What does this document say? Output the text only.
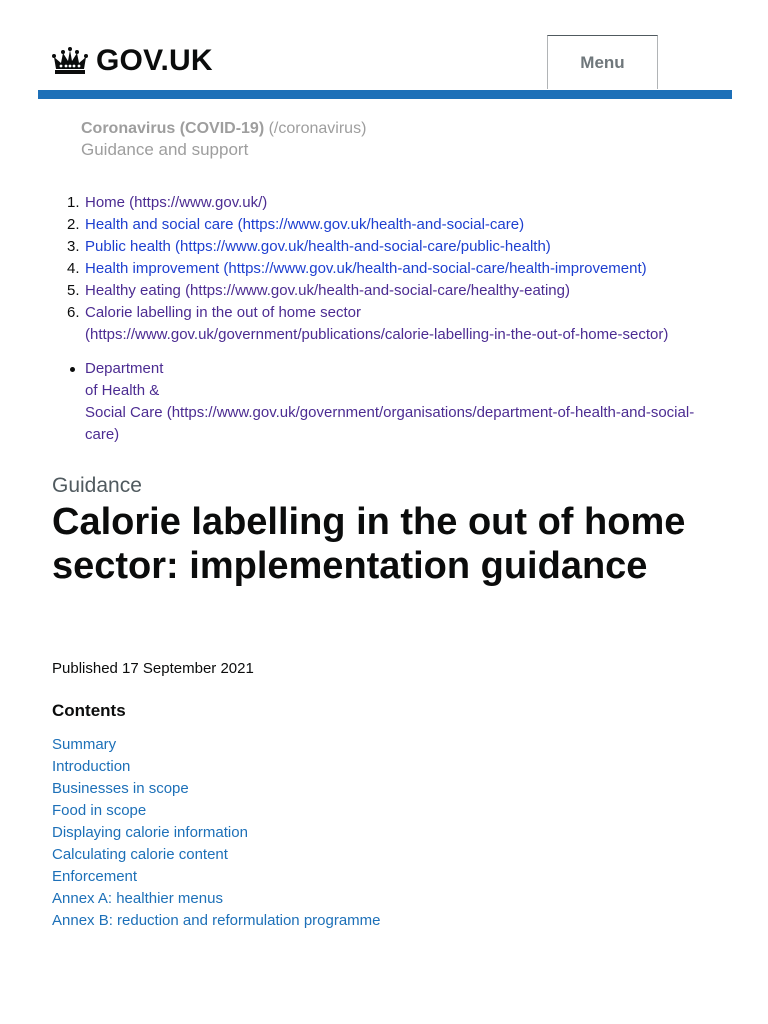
GOV.UK	Menu
Coronavirus (COVID-19) (/coronavirus)
Guidance and support
1. Home (https://www.gov.uk/)
2. Health and social care (https://www.gov.uk/health-and-social-care)
3. Public health (https://www.gov.uk/health-and-social-care/public-health)
4. Health improvement (https://www.gov.uk/health-and-social-care/health-improvement)
5. Healthy eating (https://www.gov.uk/health-and-social-care/healthy-eating)
6. Calorie labelling in the out of home sector
(https://www.gov.uk/government/publications/calorie-labelling-in-the-out-of-home-sector)
Department
of Health &
Social Care (https://www.gov.uk/government/organisations/department-of-health-and-social-
care)
Guidance
Calorie labelling in the out of home sector: implementation guidance
Published 17 September 2021
Contents
Summary
Introduction
Businesses in scope
Food in scope
Displaying calorie information
Calculating calorie content
Enforcement
Annex A: healthier menus
Annex B: reduction and reformulation programme
